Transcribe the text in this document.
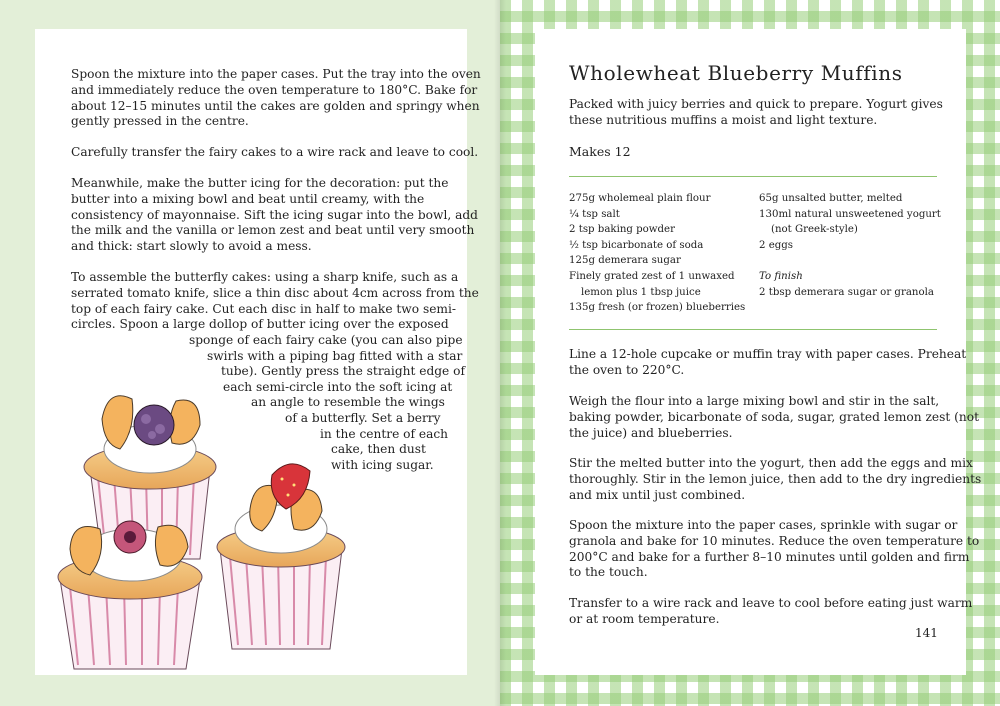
Spoon the mixture into the paper cases. Put the tray into the oven
and immediately reduce the oven temperature to 180°C. Bake for
about 12–15 minutes until the cakes are golden and springy when
gently pressed in the centre.
Carefully transfer the fairy cakes to a wire rack and leave to cool.
Meanwhile, make the butter icing for the decoration: put the
butter into a mixing bowl and beat until creamy, with the
consistency of mayonnaise. Sift the icing sugar into the bowl, add
the milk and the vanilla or lemon zest and beat until very smooth
and thick: start slowly to avoid a mess.
To assemble the butterfly cakes: using a sharp knife, such as a
serrated tomato knife, slice a thin disc about 4cm across from the
top of each fairy cake. Cut each disc in half to make two semi-
circles. Spoon a large dollop of butter icing over the exposed
sponge of each fairy cake (you can also pipe
swirls with a piping bag fitted with a star
tube). Gently press the straight edge of
each semi-circle into the soft icing at
an angle to resemble the wings
of a butterfly. Set a berry
in the centre of each
cake, then dust
with icing sugar.
Wholewheat Blueberry Muffins
Packed with juicy berries and quick to prepare. Yogurt gives
these nutritious muffins a moist and light texture.
Makes 12
275g wholemeal plain flour
¼ tsp salt
2 tsp baking powder
½ tsp bicarbonate of soda
125g demerara sugar
Finely grated zest of 1 unwaxed
lemon plus 1 tbsp juice
135g fresh (or frozen) blueberries
65g unsalted butter, melted
130ml natural unsweetened yogurt
(not Greek-style)
2 eggs
To finish
2 tbsp demerara sugar or granola
Line a 12-hole cupcake or muffin tray with paper cases. Preheat
the oven to 220°C.
Weigh the flour into a large mixing bowl and stir in the salt,
baking powder, bicarbonate of soda, sugar, grated lemon zest (not
the juice) and blueberries.
Stir the melted butter into the yogurt, then add the eggs and mix
thoroughly. Stir in the lemon juice, then add to the dry ingredients
and mix until just combined.
Spoon the mixture into the paper cases, sprinkle with sugar or
granola and bake for 10 minutes. Reduce the oven temperature to
200°C and bake for a further 8–10 minutes until golden and firm
to the touch.
Transfer to a wire rack and leave to cool before eating just warm
or at room temperature.
141
